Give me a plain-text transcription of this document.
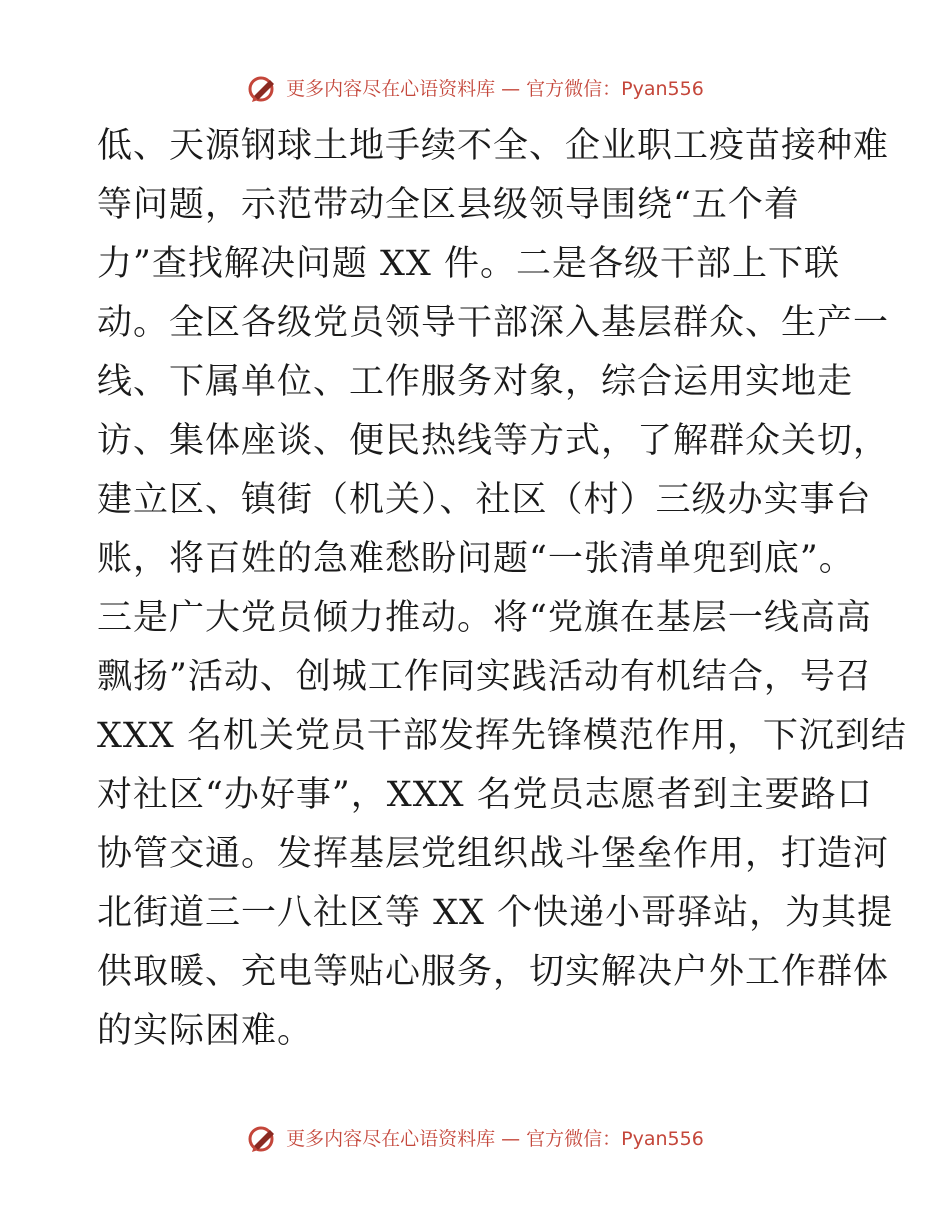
更多内容尽在心语资料库 — 官方微信：Pyan556
低、天源钢球土地手续不全、企业职工疫苗接种难
等问题，示范带动全区县级领导围绕“五个着
力”查找解决问题 XX 件。二是各级干部上下联
动。全区各级党员领导干部深入基层群众、生产一
线、下属单位、工作服务对象，综合运用实地走
访、集体座谈、便民热线等方式，了解群众关切，
建立区、镇街（机关）、社区（村）三级办实事台
账，将百姓的急难愁盼问题“一张清单兜到底”。
三是广大党员倾力推动。将“党旗在基层一线高高
飘扬”活动、创城工作同实践活动有机结合，号召
XXX 名机关党员干部发挥先锋模范作用，下沉到结
对社区“办好事”，XXX 名党员志愿者到主要路口
协管交通。发挥基层党组织战斗堡垒作用，打造河
北街道三一八社区等 XX 个快递小哥驿站，为其提
供取暖、充电等贴心服务，切实解决户外工作群体
的实际困难。
更多内容尽在心语资料库 — 官方微信：Pyan556
